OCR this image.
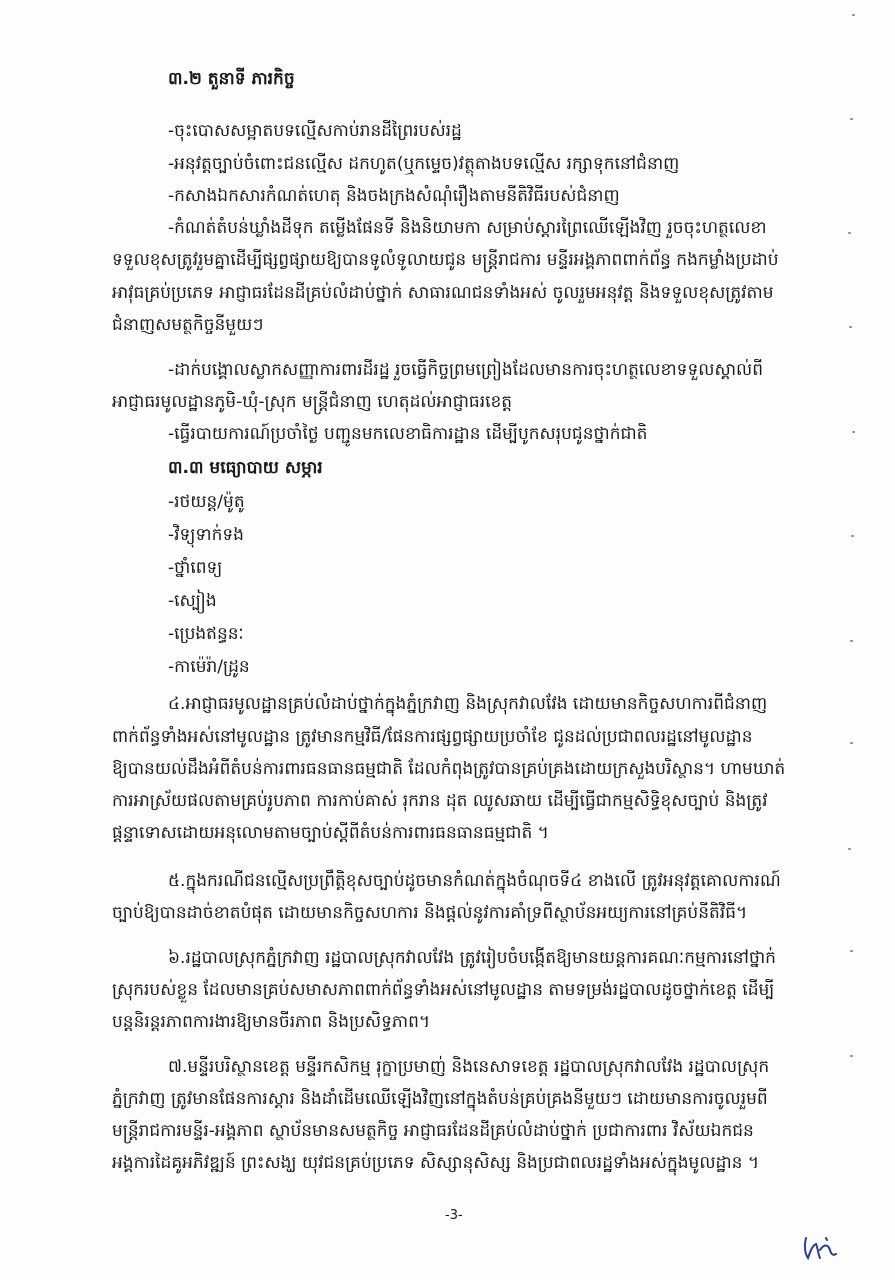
៣.២ តួនាទី ភារកិច្ច
-ចុះបោសសម្អាតបទល្មើសកាប់រានដីព្រៃរបស់រដ្ឋ
-អនុវត្តច្បាប់ចំពោះជនល្មើស ដកហូត(ឬកម្ទេច)វត្ថុតាងបទល្មើស រក្សាទុកនៅជំនាញ
-កសាងឯកសារកំណត់ហេតុ និងចងក្រងសំណុំរឿងតាមនីតិវិធីរបស់ជំនាញ
-កំណត់តំបន់ឃ្លាំងដីទុក តម្លើងផែនទី និងនិយាមកា សម្រាប់ស្តារព្រៃឈើឡើងវិញ រួចចុះហត្ថលេខា
ទទួលខុសត្រូវរួមគ្នាដើម្បីផ្សព្វផ្សាយឱ្យបានទូលំទូលាយជូន មន្ត្រីរាជការ មន្ទីរអង្គភាពពាក់ព័ន្ធ កងកម្លាំងប្រដាប់
អាវុធគ្រប់ប្រភេទ អាជ្ញាធរដែនដីគ្រប់លំដាប់ថ្នាក់ សាធារណជនទាំងអស់ ចូលរួមអនុវត្ត និងទទួលខុសត្រូវតាម
ជំនាញសមត្ថកិច្ចនីមួយៗ
-ដាក់បង្គោលស្លាកសញ្ញាការពារដីរដ្ឋ រួចធ្វើកិច្ចព្រមព្រៀងដែលមានការចុះហត្ថលេខាទទួលស្គាល់ពី
អាជ្ញាធរមូលដ្ឋានភូមិ-ឃុំ-ស្រុក មន្ត្រីជំនាញ ហេតុដល់អាជ្ញាធរខេត្ត
-ធ្វើរបាយការណ៍ប្រចាំថ្ងៃ បញ្ជូនមកលេខាធិការដ្ឋាន ដើម្បីបូកសរុបជូនថ្នាក់ជាតិ
៣.៣ មធ្យោបាយ សម្ភារ
-រថយន្ត/ម៉ូតូ
-វិទ្យុទាក់ទង
-ថ្នាំពេទ្យ
-ស្បៀង
-ប្រេងឥន្ធនៈ
-កាម៉េរ៉ា/ដ្រូន
៤.អាជ្ញាធរមូលដ្ឋានគ្រប់លំដាប់ថ្នាក់ក្នុងភ្នំក្រវាញ និងស្រុកវាលវែង ដោយមានកិច្ចសហការពីជំនាញ
ពាក់ព័ន្ធទាំងអស់នៅមូលដ្ឋាន ត្រូវមានកម្មវិធី/ផែនការផ្សព្វផ្សាយប្រចាំខែ ជូនដល់ប្រជាពលរដ្ឋនៅមូលដ្ឋាន
ឱ្យបានយល់ដឹងអំពីតំបន់ការពារធនធានធម្មជាតិ ដែលកំពុងត្រូវបានគ្រប់គ្រងដោយក្រសួងបរិស្ថាន។ ហាមឃាត់
ការអាស្រ័យផលតាមគ្រប់រូបភាព ការកាប់គាស់ រុករាន ដុត ឈូសឆាយ ដើម្បីធ្វើជាកម្មសិទ្ធិខុសច្បាប់ និងត្រូវ
ផ្តន្ទាទោសដោយអនុលោមតាមច្បាប់ស្តីពីតំបន់ការពារធនធានធម្មជាតិ ។
៥.ក្នុងករណីជនល្មើសប្រព្រឹត្តិខុសច្បាប់ដូចមានកំណត់ក្នុងចំណុចទី៤ ខាងលើ ត្រូវអនុវត្តគោលការណ៍
ច្បាប់ឱ្យបានដាច់ខាតបំផុត ដោយមានកិច្ចសហការ និងផ្តល់នូវការគាំទ្រពីស្ថាប័នអយ្យការនៅគ្រប់នីតិវិធី។
៦.រដ្ឋបាលស្រុកភ្នំក្រវាញ រដ្ឋបាលស្រុកវាលវែង ត្រូវរៀបចំបង្កើតឱ្យមានយន្តការគណៈកម្មការនៅថ្នាក់
ស្រុករបស់ខ្លួន ដែលមានគ្រប់សមាសភាពពាក់ព័ន្ធទាំងអស់នៅមូលដ្ឋាន តាមទម្រង់រដ្ឋបាលដូចថ្នាក់ខេត្ត ដើម្បី
បន្តនិរន្តរភាពការងារឱ្យមានចីរភាព និងប្រសិទ្ធភាព។
៧.មន្ទីរបរិស្ថានខេត្ត មន្ទីរកសិកម្ម រុក្ខាប្រមាញ់ និងនេសាទខេត្ត រដ្ឋបាលស្រុកវាលវែង រដ្ឋបាលស្រុក
ភ្នំក្រវាញ ត្រូវមានផែនការស្តារ និងដាំដើមឈើឡើងវិញនៅក្នុងតំបន់គ្រប់គ្រងនីមួយៗ ដោយមានការចូលរួមពី
មន្ត្រីរាជការមន្ទីរ-អង្គភាព ស្ថាប័នមានសមត្ថកិច្ច អាជ្ញាធរដែនដីគ្រប់លំដាប់ថ្នាក់ ប្រជាការពារ វិស័យឯកជន
អង្គការដៃគូអភិវឌ្ឍន៍ ព្រះសង្ឃ យុវជនគ្រប់ប្រភេទ សិស្សានុសិស្ស និងប្រជាពលរដ្ឋទាំងអស់ក្នុងមូលដ្ឋាន ។
-3-
